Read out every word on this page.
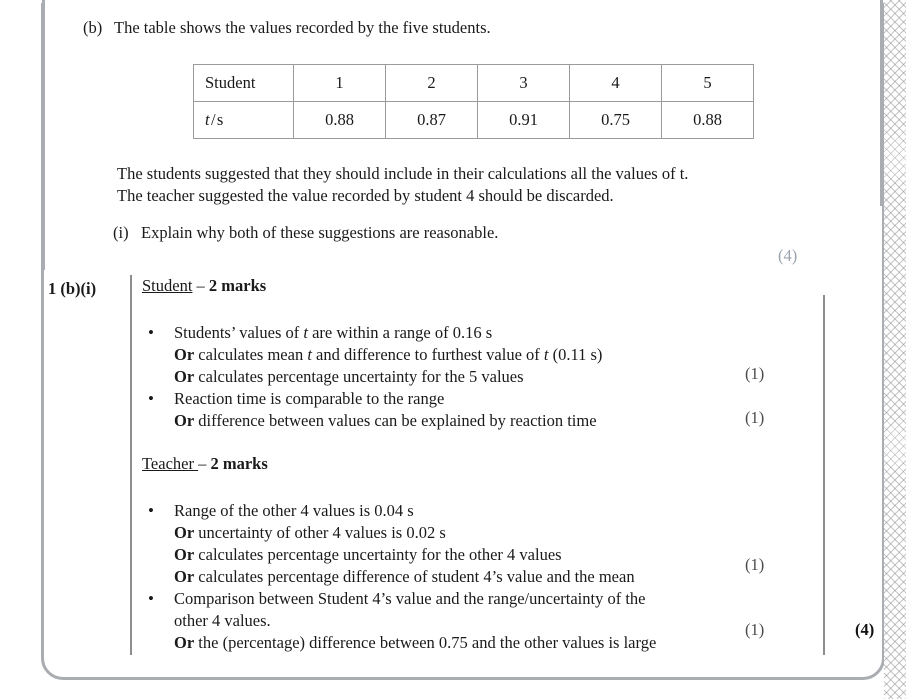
(b) The table shows the values recorded by the five students.
Student	1	2	3	4	5
t / s	0.88	0.87	0.91	0.75	0.88
The students suggested that they should include in their calculations all the values of t.
The teacher suggested the value recorded by student 4 should be discarded.
(i) Explain why both of these suggestions are reasonable.
(4)
1 (b)(i)	Student – 2 marks

• Students’ values of t are within a range of 0.16 s
Or calculates mean t and difference to furthest value of t (0.11 s)
Or calculates percentage uncertainty for the 5 values
• Reaction time is comparable to the range
Or difference between values can be explained by reaction time

Teacher – 2 marks

• Range of the other 4 values is 0.04 s
Or uncertainty of other 4 values is 0.02 s
Or calculates percentage uncertainty for the other 4 values
Or calculates percentage difference of student 4’s value and the mean
• Comparison between Student 4’s value and the range/uncertainty of the
other 4 values.
Or the (percentage) difference between 0.75 and the other values is large
(1)
(1)
(1)
(1)	(4)
